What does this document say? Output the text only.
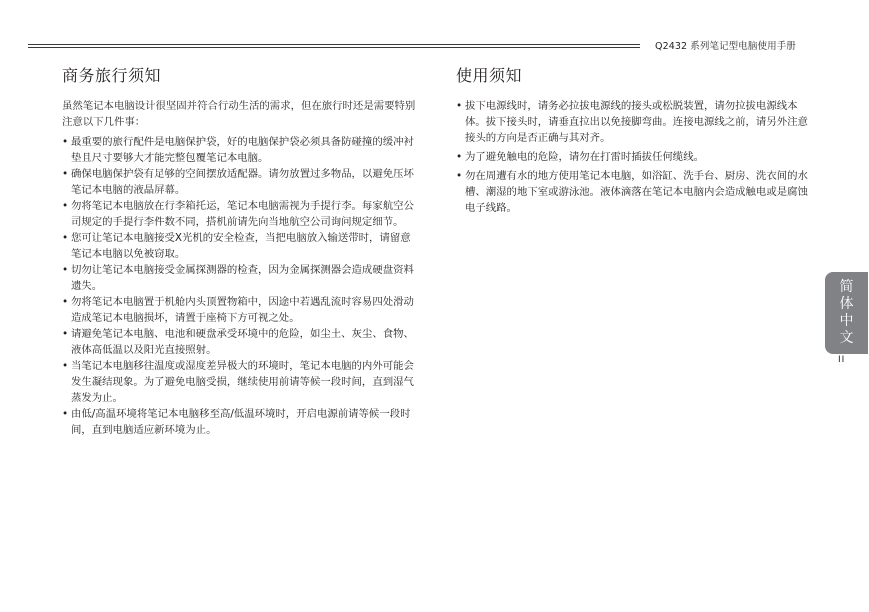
Q2432 系列笔记型电脑使用手册
商务旅行须知

虽然笔记本电脑设计很坚固并符合行动生活的需求，但在旅行时还是需要特别注意以下几件事：

• 最重要的旅行配件是电脑保护袋，好的电脑保护袋必须具备防碰撞的缓冲衬垫且尺寸要够大才能完整包覆笔记本电脑。
• 确保电脑保护袋有足够的空间摆放适配器。请勿放置过多物品，以避免压坏笔记本电脑的液晶屏幕。
• 勿将笔记本电脑放在行李箱托运，笔记本电脑需视为手提行李。每家航空公司规定的手提行李件数不同，搭机前请先向当地航空公司询问规定细节。
• 您可让笔记本电脑接受X光机的安全检查，当把电脑放入输送带时，请留意笔记本电脑以免被窃取。
• 切勿让笔记本电脑接受金属探测器的检查，因为金属探测器会造成硬盘资料遗失。
• 勿将笔记本电脑置于机舱内头顶置物箱中，因途中若遇乱流时容易四处滑动造成笔记本电脑损坏，请置于座椅下方可视之处。
• 请避免笔记本电脑、电池和硬盘承受环境中的危险，如尘土、灰尘、食物、液体高低温以及阳光直接照射。
• 当笔记本电脑移往温度或湿度差异极大的环境时，笔记本电脑的内外可能会发生凝结现象。为了避免电脑受损，继续使用前请等候一段时间，直到湿气蒸发为止。
• 由低/高温环境将笔记本电脑移至高/低温环境时，开启电源前请等候一段时间，直到电脑适应新环境为止。
使用须知
• 拔下电源线时，请务必拉拔电源线的接头或松脱装置，请勿拉拔电源线本体。拔下接头时，请垂直拉出以免接脚弯曲。连接电源线之前，请另外注意接头的方向是否正确与其对齐。
• 为了避免触电的危险，请勿在打雷时插拔任何缆线。
• 勿在周遭有水的地方使用笔记本电脑，如浴缸、洗手台、厨房、洗衣间的水槽、潮湿的地下室或游泳池。液体滴落在笔记本电脑内会造成触电或是腐蚀电子线路。
简
体
中
文
II
